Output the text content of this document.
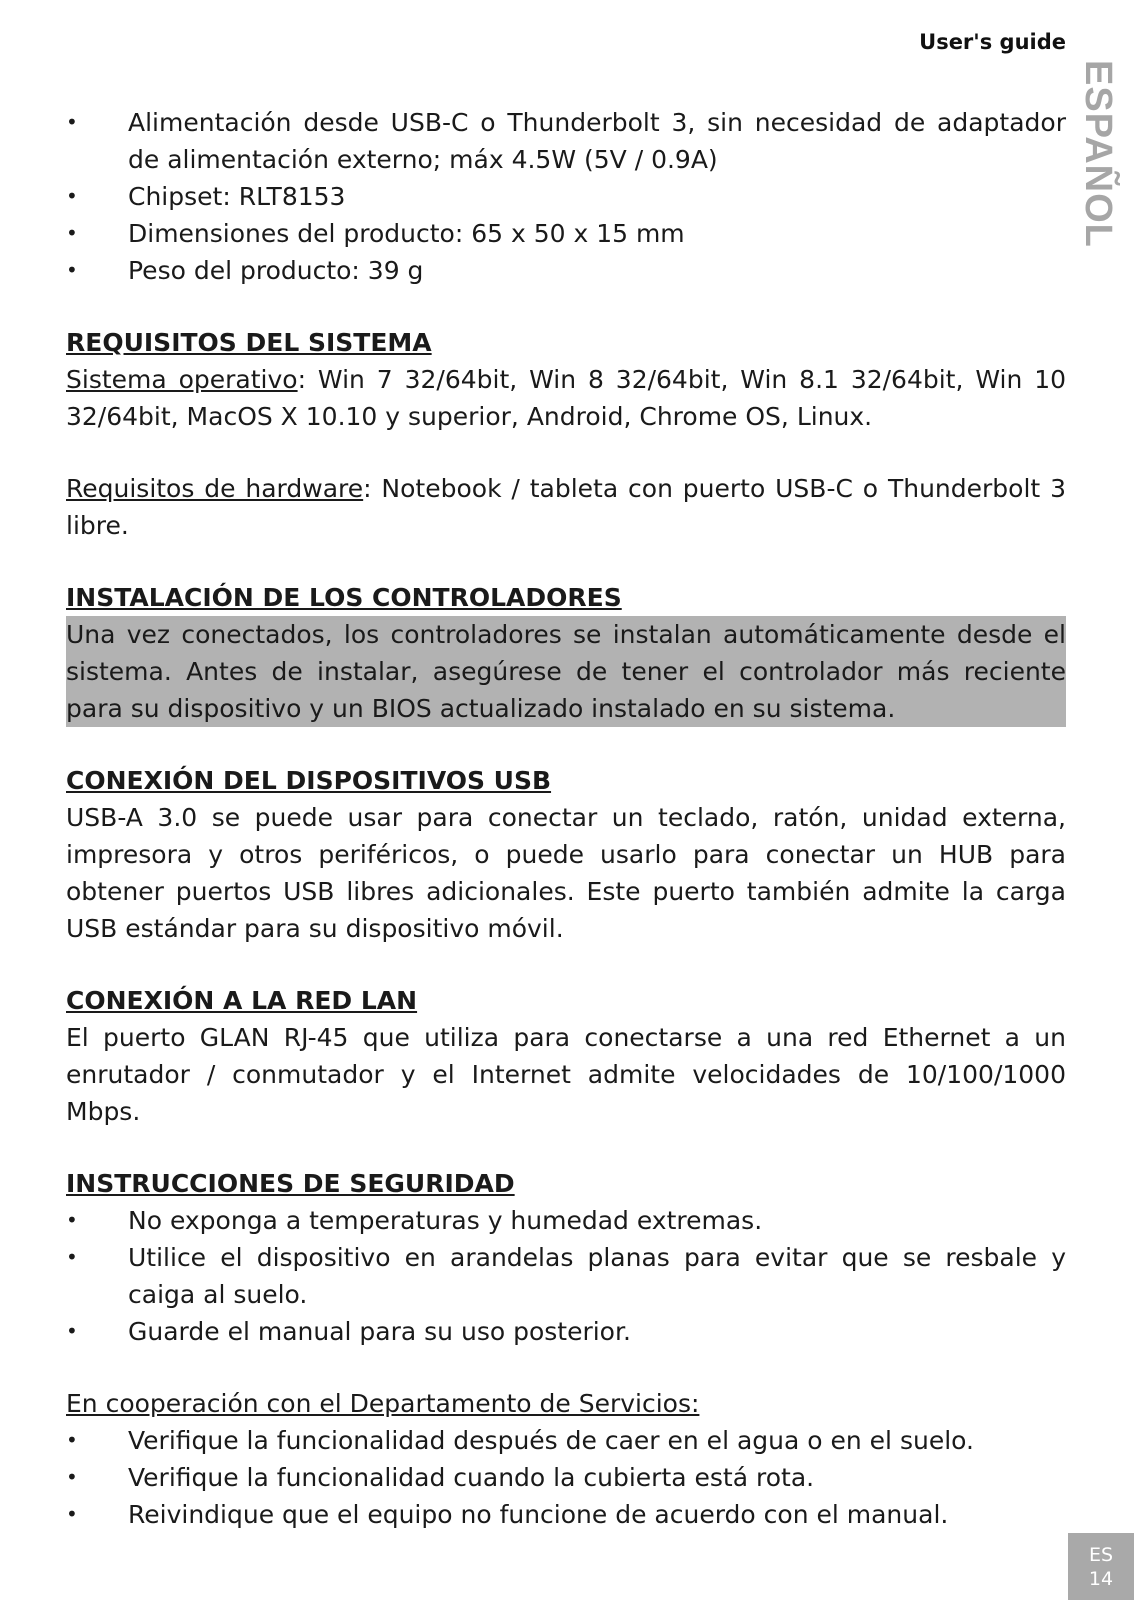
User's guide
ESPAÑOL
• Alimentación desde USB-C o Thunderbolt 3, sin necesidad de adaptador de alimentación externo; máx 4.5W (5V / 0.9A)
• Chipset: RLT8153
• Dimensiones del producto: 65 x 50 x 15 mm
• Peso del producto: 39 g

REQUISITOS DEL SISTEMA

Sistema operativo: Win 7 32/64bit, Win 8 32/64bit, Win 8.1 32/64bit, Win 10 32/64bit, MacOS X 10.10 y superior, Android, Chrome OS, Linux.

Requisitos de hardware: Notebook / tableta con puerto USB-C o Thunderbolt 3 libre.

INSTALACIÓN DE LOS CONTROLADORES

Una vez conectados, los controladores se instalan automáticamente desde el sistema. Antes de instalar, asegúrese de tener el controlador más reciente para su dispositivo y un BIOS actualizado instalado en su sistema.

CONEXIÓN DEL DISPOSITIVOS USB

USB-A 3.0 se puede usar para conectar un teclado, ratón, unidad externa, impresora y otros periféricos, o puede usarlo para conectar un HUB para obtener puertos USB libres adicionales. Este puerto también admite la carga USB estándar para su dispositivo móvil.

CONEXIÓN A LA RED LAN

El puerto GLAN RJ-45 que utiliza para conectarse a una red Ethernet a un enrutador / conmutador y el Internet admite velocidades de 10/100/1000 Mbps.

INSTRUCCIONES DE SEGURIDAD

• No exponga a temperaturas y humedad extremas.
• Utilice el dispositivo en arandelas planas para evitar que se resbale y caiga al suelo.
• Guarde el manual para su uso posterior.

En cooperación con el Departamento de Servicios:

• Verifique la funcionalidad después de caer en el agua o en el suelo.
• Verifique la funcionalidad cuando la cubierta está rota.
• Reivindique que el equipo no funcione de acuerdo con el manual.
ES
14
